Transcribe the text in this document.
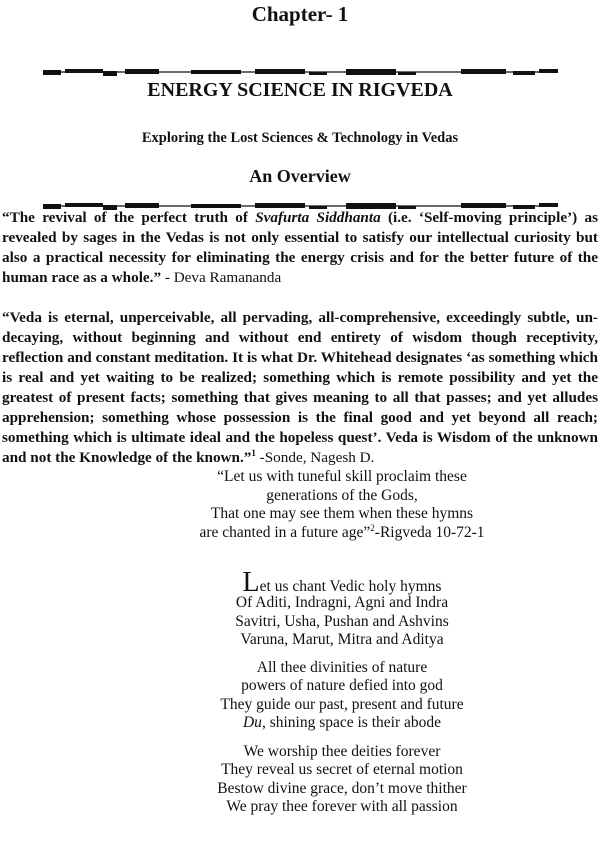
Chapter- 1
ENERGY SCIENCE IN RIGVEDA
Exploring the Lost Sciences & Technology in Vedas
An Overview
“The revival of the perfect truth of Svafurta Siddhanta (i.e. ‘Self-moving principle’) as revealed by sages in the Vedas is not only essential to satisfy our intellectual curiosity but also a practical necessity for eliminating the energy crisis and for the better future of the human race as a whole.” - Deva Ramananda
“Veda is eternal, unperceivable, all pervading, all-comprehensive, exceedingly subtle, un-decaying, without beginning and without end entirety of wisdom though receptivity, reflection and constant meditation. It is what Dr. Whitehead designates ‘as something which is real and yet waiting to be realized; something which is remote possibility and yet the greatest of present facts; something that gives meaning to all that passes; and yet alludes apprehension; something whose possession is the final good and yet beyond all reach; something which is ultimate ideal and the hopeless quest’. Veda is Wisdom of the unknown and not the Knowledge of the known.”$^1$ -Sonde, Nagesh D.
“Let us with tuneful skill proclaim these
generations of the Gods,
That one may see them when these hymns
are chanted in a future age”$^2$-Rigveda 10-72-1
Let us chant Vedic holy hymns
Of Aditi, Indragni, Agni and Indra
Savitri, Usha, Pushan and Ashvins
Varuna, Marut, Mitra and Aditya
All thee divinities of nature
powers of nature defied into god
They guide our past, present and future
Du, shining space is their abode
We worship thee deities forever
They reveal us secret of eternal motion
Bestow divine grace, don’t move thither
We pray thee forever with all passion
